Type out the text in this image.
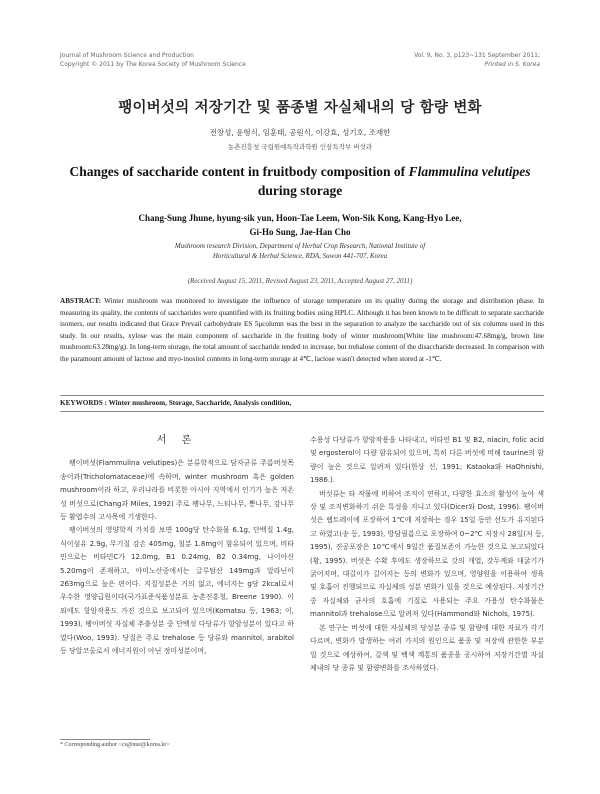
Journal of Mushroom Science and Production
Copyright © 2011 by The Korea Society of Mushroom Science
Vol. 9, No. 3, p123~131 September 2011;
Printed in S. Korea
팽이버섯의 저장기간 및 품종별 자실체내의 당 함량 변화
전창성, 윤형식, 임훈태, 공원식, 이강효, 성기호, 조재한
농촌진흥청 국립원예특작과학원 인삼특작부 버섯과
Changes of saccharide content in fruitbody composition of Flammulina velutipes during storage
Chang-Sung Jhune, hyung-sik yun, Hoon-Tae Leem, Won-Sik Kong, Kang-Hyo Lee,
Gi-Ho Sung, Jae-Han Cho
Mushroom research Division, Department of Herbal Crop Research, National Institute of
Horticultural & Herbal Science, RDA, Suwon 441-707, Korea
(Received August 15, 2011, Revised August 23, 2011, Accepted August 27, 2011)
ABSTRACT: Winter mushroom was monitored to investigate the influence of storage temperature on its quality during the storage and distribution phase. In measuring its quality, the contents of saccharides were quantified with its fruiting bodies using HPLC. Although it has been known to be difficult to separate saccharide isomers, our results indicated that Grace Prevail carbohydrate ES 5μcolumn was the best in the separation to analyze the saccharide out of six columns used in this study. In our results, xylose was the main component of saccharide in the fruiting body of winter mushroom(White line mushroom:47.68mg/g, brown line mushroom:63.28mg/g). In long-term storage, the total amount of saccharide tended to increase, but trehalose content of the disaccharide decreased. In comparison with the paramount amount of lactose and myo-inositol contents in long-term storage at 4℃, lactose wasn't detected when stored at -1℃.
KEYWORDS : Winter mushroom, Storage, Saccharide, Analysis condition,
서 론

팽이버섯(Flammulina velutipes)은 분류학적으로 담자균류 주름버섯목 송이과(Tricholomataceae)에 속하며, winter mushroom 혹은 golden mushroom이라 하고, 우리나라를 비롯한 아시아 지역에서 인기가 높은 저온성 버섯으로(Chang과 Miles, 1992) 주로 팽나무, 느티나무, 뽕나무, 감나무 등 활엽수의 고사목에 기생한다.

팽이버섯의 영양학적 가치를 보면 100g당 탄수화물 6.1g, 단백질 1.4g, 식이섬유 2.9g, 무기질 감손 405mg, 철분 1.8mg이 함유되어 있으며, 비타민으로는 비타민C가 12.0mg, B1 0.24mg, B2 0.34mg, 나이아신 5.20mg이 존재하고, 아미노산중에서는 글루탐산 149mg과 알라닌이 263mg으로 높은 편이다. 지질성분은 거의 없고, 에너지는 g당 2kcal로서 우수한 영양급원이다(국가표준식품성분표 농촌진흥청, Breene 1990). 이 외에도 항암작용도 가진 것으로 보고되어 있으며(Komatsu 등, 1963; 이, 1993), 팽이버섯 자실체 추출성분 중 단백성 다당류가 항암성분이 있다고 하였다(Woo, 1993). 당질은 주로 trehalose 등 당류와 mannitol, arabitol 등 당알코올로서 에너지원이 아닌 정미성분이며,

수용성 다당류가 항암작용을 나타내고, 비타민 B1 및 B2, niacin, folic acid 및 ergosterol이 다량 함유되어 있으며, 특히 다른 버섯에 비해 taurine의 함량이 높은 것으로 알려져 있다(한상 신, 1991; Kataoka와 HaOhnishi, 1986.).

버섯류는 타 작물에 비하여 조직이 연하고, 다양한 효소의 활성이 높아 색상 및 조직변화하기 쉬운 특성을 지니고 있다(Dicer와 Dost, 1996). 팽이버섯은 랩트레이에 포장하여 1℃에 저장하는 경우 15일 동안 선도가 유지된다고 하였고(송 등, 1993), 방담필름으로 포장하여 0~2℃ 저장시 28일(저 등, 1995), 진공포장은 10℃에서 9일간 품질보존이 가능한 것으로 보고되었다(황, 1995). 버섯은 수확 후에도 생장하므로 갓의 개열, 갓두께와 대굵기가 굵어지며, 대길이가 길어지는 등의 변화가 있으며, 영양원을 이용하여 생육 및 호흡이 진행되므로 자실체의 성분 변화가 있을 것으로 예상된다. 저장기간 중 자실체와 균사의 호흡에 기질로 사용되는 주요 가용성 탄수화물은 mannitol과 trehalose으로 알려져 있다(Hammond와 Nichols, 1975).

본 연구는 버섯에 대한 자실체의 당성분 종류 및 함량에 대한 자료가 각기 다르며, 변화가 발생하는 여러 가지의 원인으로 품종 및 저장에 관한한 부분일 것으로 예상하여, 갈색 및 백색 계통의 품종을 공시하여 저장기간별 자실체내의 당 종류 및 함량변화를 조사하였다.

* Corresponding author <cs@nue@korea.kr>
